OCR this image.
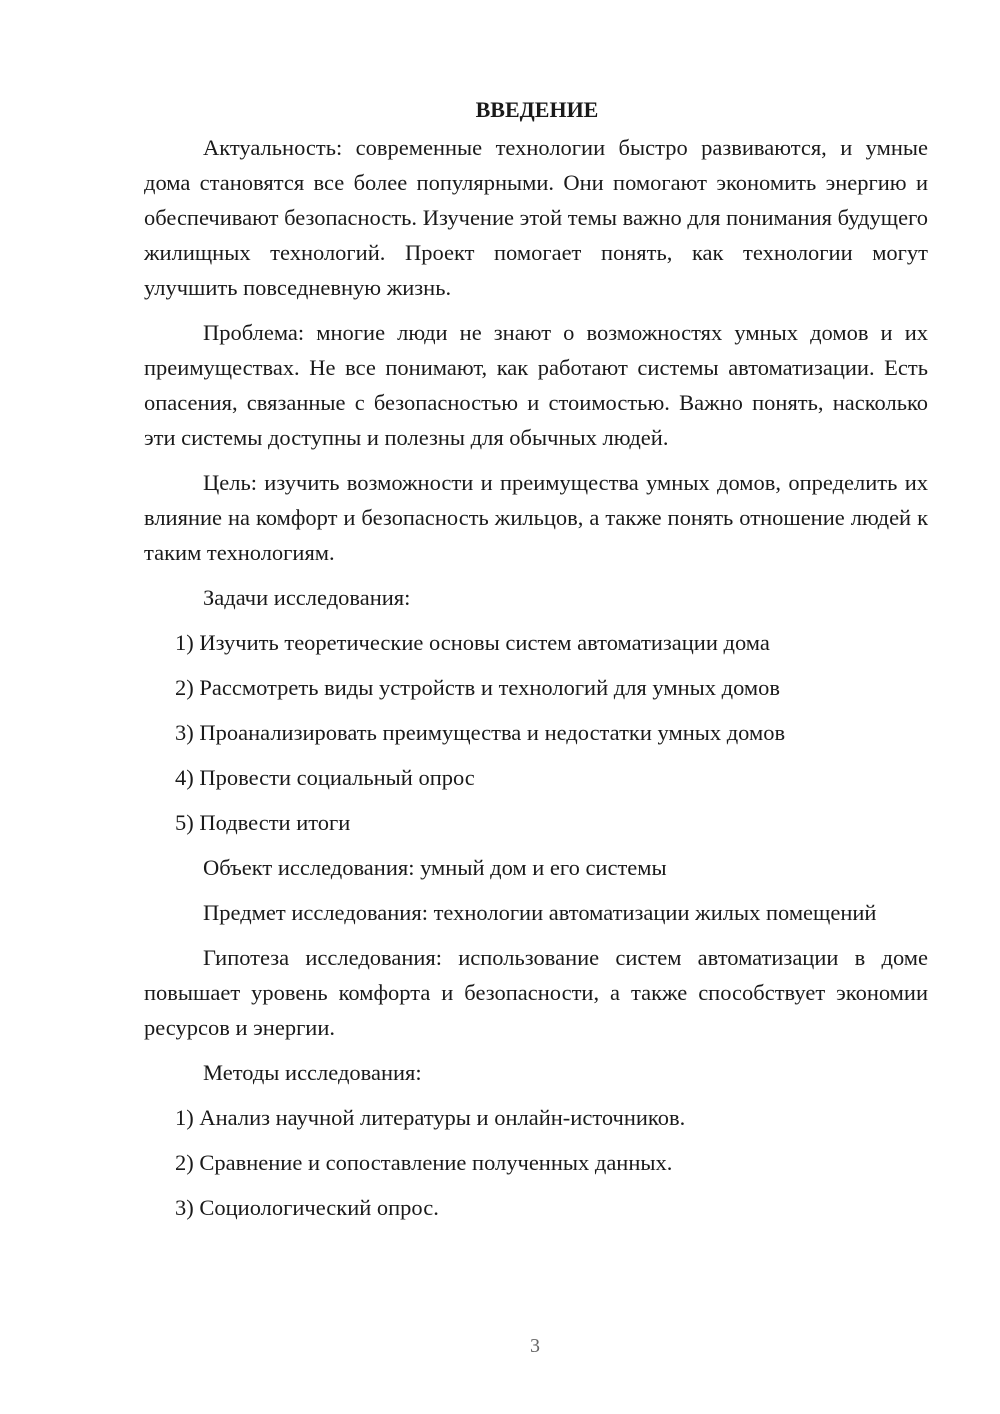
ВВЕДЕНИЕ

Актуальность: современные технологии быстро развиваются, и умные дома становятся все более популярными. Они помогают экономить энергию и обеспечивают безопасность. Изучение этой темы важно для понимания будущего жилищных технологий. Проект помогает понять, как технологии могут улучшить повседневную жизнь.

Проблема: многие люди не знают о возможностях умных домов и их преимуществах. Не все понимают, как работают системы автоматизации. Есть опасения, связанные с безопасностью и стоимостью. Важно понять, насколько эти системы доступны и полезны для обычных людей.

Цель: изучить возможности и преимущества умных домов, определить их влияние на комфорт и безопасность жильцов, а также понять отношение людей к таким технологиям.

Задачи исследования:

1) Изучить теоретические основы систем автоматизации дома
2) Рассмотреть виды устройств и технологий для умных домов
3) Проанализировать преимущества и недостатки умных домов
4) Провести социальный опрос
5) Подвести итоги

Объект исследования: умный дом и его системы

Предмет исследования: технологии автоматизации жилых помещений

Гипотеза исследования: использование систем автоматизации в доме повышает уровень комфорта и безопасности, а также способствует экономии ресурсов и энергии.

Методы исследования:

1) Анализ научной литературы и онлайн-источников.
2) Сравнение и сопоставление полученных данных.
3) Социологический опрос.
3
